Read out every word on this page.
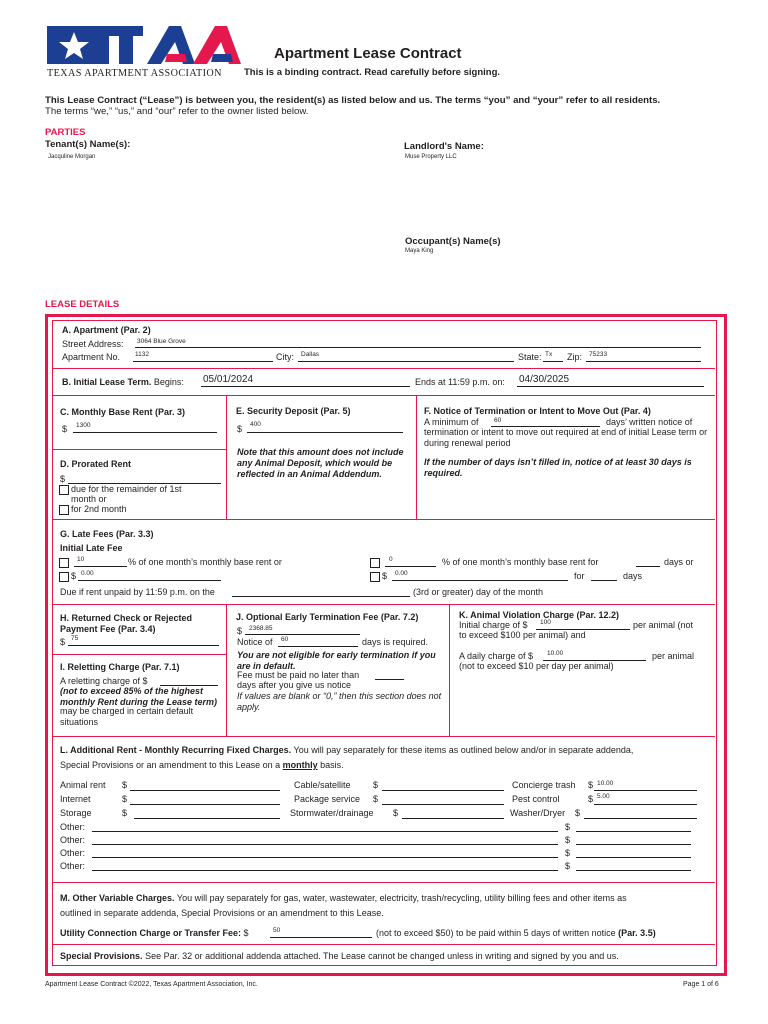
TEXAS APARTMENT ASSOCIATION
Apartment Lease Contract
This is a binding contract. Read carefully before signing.
This Lease Contract (“Lease”) is between you, the resident(s) as listed below and us. The terms “you” and “your” refer to all residents.
The terms “we,” “us,” and “our” refer to the owner listed below.
PARTIES
Tenant(s) Name(s):
Jacquline Morgan
Landlord's Name:
Muse Property LLC
Occupant(s) Name(s)
Maya King
LEASE DETAILS
A. Apartment (Par. 2)
Street Address: 3064 Blue Grove
Apartment No. 1132	City: Dallas	State: Tx Zip: 75233
B. Initial Lease Term. Begins: 05/01/2024	Ends at 11:59 p.m. on: 04/30/2025
C. Monthly Base Rent (Par. 3)
$ 1300
D. Prorated Rent
$
due for the remainder of 1st
month or
for 2nd month
E. Security Deposit (Par. 5)
$ 400
Note that this amount does not include any Animal Deposit, which would be reflected in an Animal Addendum.
F. Notice of Termination or Intent to Move Out (Par. 4)
A minimum of 60	days’ written notice of
termination or intent to move out required at end of initial Lease term or during renewal period
If the number of days isn’t filled in, notice of at least 30 days is required.
G. Late Fees (Par. 3.3)
Initial Late Fee
10	% of one month’s monthly base rent or
$ 0.00
0	% of one month’s monthly base rent for	days or
$ 0.00	for	days
Due if rent unpaid by 11:59 p.m. on the	(3rd or greater) day of the month
H. Returned Check or Rejected Payment Fee (Par. 3.4)
$ 75
I. Reletting Charge (Par. 7.1)
A reletting charge of $
(not to exceed 85% of the highest monthly Rent during the Lease term)
may be charged in certain default situations
J. Optional Early Termination Fee (Par. 7.2)
$ 2368.85
Notice of 60	days is required.
You are not eligible for early termination if you are in default.
Fee must be paid no later than
days after you give us notice
If values are blank or “0,” then this section does not apply.
K. Animal Violation Charge (Par. 12.2)
Initial charge of $ 100	per animal (not
to exceed $100 per animal) and
A daily charge of $ 10.00	per animal
(not to exceed $10 per day per animal)
L. Additional Rent - Monthly Recurring Fixed Charges. You will pay separately for these items as outlined below and/or in separate addenda,
Special Provisions or an amendment to this Lease on a monthly basis.
Animal rent $	Cable/satellite $	Concierge trash $ 10.00
Internet	$	Package service $	Pest control	$ 5.00
Storage	$	Stormwater/drainage $	Washer/Dryer $
Other:	$
Other:	$
Other:	$
Other:	$
M. Other Variable Charges. You will pay separately for gas, water, wastewater, electricity, trash/recycling, utility billing fees and other items as
outlined in separate addenda, Special Provisions or an amendment to this Lease.
Utility Connection Charge or Transfer Fee: $	50	(not to exceed $50) to be paid within 5 days of written notice (Par. 3.5)
Special Provisions. See Par. 32 or additional addenda attached. The Lease cannot be changed unless in writing and signed by you and us.
Apartment Lease Contract ©2022, Texas Apartment Association, Inc.	Page 1 of 6
